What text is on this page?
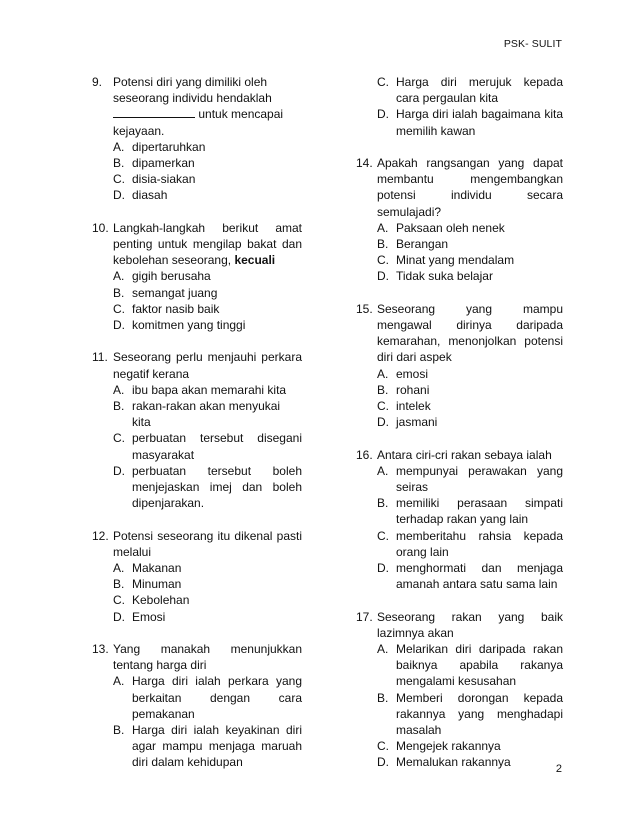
PSK- SULIT
9. Potensi diri yang dimiliki oleh seseorang individu hendaklah
untuk mencapai kejayaan.
A. dipertaruhkan
B. dipamerkan
C. disia-siakan
D. diasah
10. Langkah-langkah berikut amat penting untuk mengilap bakat dan kebolehan seseorang, kecuali
A. gigih berusaha
B. semangat juang
C. faktor nasib baik
D. komitmen yang tinggi
11. Seseorang perlu menjauhi perkara negatif kerana
A. ibu bapa akan memarahi kita
B. rakan-rakan akan menyukai kita
C. perbuatan tersebut disegani masyarakat
D. perbuatan tersebut boleh menjejaskan imej dan boleh dipenjarakan.
12. Potensi seseorang itu dikenal pasti melalui
A. Makanan
B. Minuman
C. Kebolehan
D. Emosi
13. Yang manakah menunjukkan tentang harga diri
A. Harga diri ialah perkara yang berkaitan dengan cara pemakanan
B. Harga diri ialah keyakinan diri agar mampu menjaga maruah diri dalam kehidupan
C. Harga diri merujuk kepada cara pergaulan kita
D. Harga diri ialah bagaimana kita memilih kawan
14. Apakah rangsangan yang dapat membantu mengembangkan potensi individu secara semulajadi?
A. Paksaan oleh nenek
B. Berangan
C. Minat yang mendalam
D. Tidak suka belajar
15. Seseorang yang mampu mengawal dirinya daripada kemarahan, menonjolkan potensi diri dari aspek
A. emosi
B. rohani
C. intelek
D. jasmani
16. Antara ciri-cri rakan sebaya ialah
A. mempunyai perawakan yang seiras
B. memiliki perasaan simpati terhadap rakan yang lain
C. memberitahu rahsia kepada orang lain
D. menghormati dan menjaga amanah antara satu sama lain
17. Seseorang rakan yang baik lazimnya akan
A. Melarikan diri daripada rakan baiknya apabila rakanya mengalami kesusahan
B. Memberi dorongan kepada rakannya yang menghadapi masalah
C. Mengejek rakannya
D. Memalukan rakannya	2
